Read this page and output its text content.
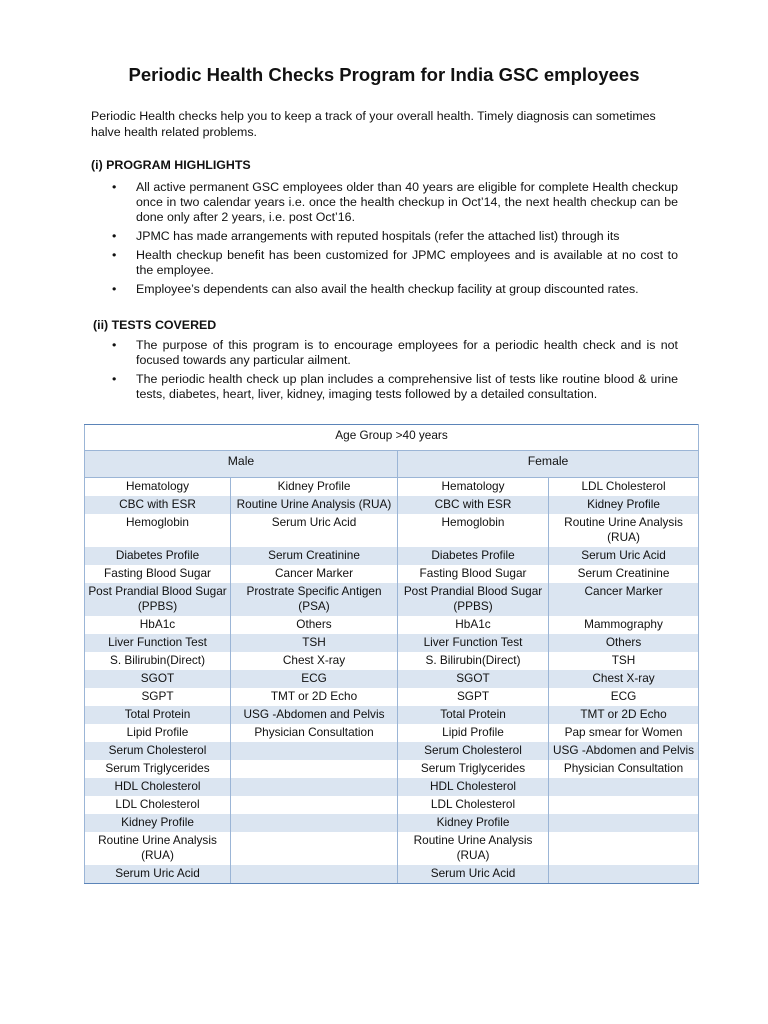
Periodic Health Checks Program for India GSC employees
Periodic Health checks help you to keep a track of your overall health. Timely diagnosis can sometimes halve health related problems.
(i) PROGRAM HIGHLIGHTS
• All active permanent GSC employees older than 40 years are eligible for complete Health checkup once in two calendar years i.e. once the health checkup in Oct’14, the next health checkup can be done only after 2 years, i.e. post Oct’16.
• JPMC has made arrangements with reputed hospitals (refer the attached list) through its
• Health checkup benefit has been customized for JPMC employees and is available at no cost to the employee.
• Employee’s dependents can also avail the health checkup facility at group discounted rates.
(ii) TESTS COVERED
• The purpose of this program is to encourage employees for a periodic health check and is not focused towards any particular ailment.
• The periodic health check up plan includes a comprehensive list of tests like routine blood & urine tests, diabetes, heart, liver, kidney, imaging tests followed by a detailed consultation.
Age Group >40 years			
Male		Female	
Hematology	Kidney Profile	Hematology	LDL Cholesterol
CBC with ESR	Routine Urine Analysis (RUA)	CBC with ESR	Kidney Profile
Hemoglobin	Serum Uric Acid	Hemoglobin	Routine Urine Analysis (RUA)
Diabetes Profile	Serum Creatinine	Diabetes Profile	Serum Uric Acid
Fasting Blood Sugar	Cancer Marker	Fasting Blood Sugar	Serum Creatinine
Post Prandial Blood Sugar (PPBS)	Prostrate Specific Antigen (PSA)	Post Prandial Blood Sugar (PPBS)	Cancer Marker
HbA1c	Others	HbA1c	Mammography
Liver Function Test	TSH	Liver Function Test	Others
S. Bilirubin(Direct)	Chest X-ray	S. Bilirubin(Direct)	TSH
SGOT	ECG	SGOT	Chest X-ray
SGPT	TMT or 2D Echo	SGPT	ECG
Total Protein	USG -Abdomen and Pelvis	Total Protein	TMT or 2D Echo
Lipid Profile	Physician Consultation	Lipid Profile	Pap smear for Women
Serum Cholesterol		Serum Cholesterol	USG -Abdomen and Pelvis
Serum Triglycerides		Serum Triglycerides	Physician Consultation
HDL Cholesterol		HDL Cholesterol	
LDL Cholesterol		LDL Cholesterol	
Kidney Profile		Kidney Profile	
Routine Urine Analysis (RUA)		Routine Urine Analysis (RUA)	
Serum Uric Acid		Serum Uric Acid	
